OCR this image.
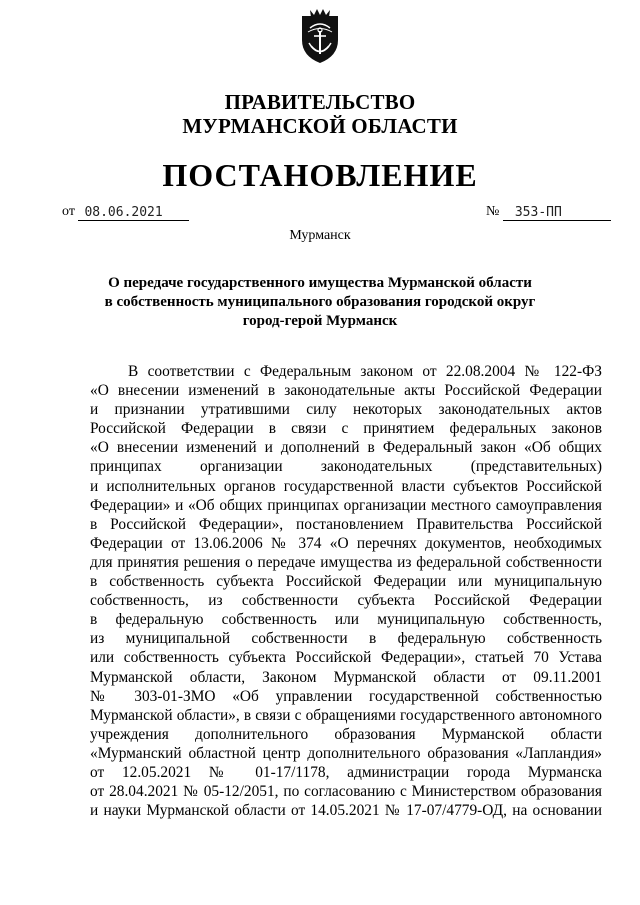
ПРАВИТЕЛЬСТВО
МУРМАНСКОЙ ОБЛАСТИ
ПОСТАНОВЛЕНИЕ
от 08.06.2021	№ 353-ПП
Мурманск
О передаче государственного имущества Мурманской области
в собственность муниципального образования городской округ
город-герой Мурманск
В соответствии с Федеральным законом от 22.08.2004 № 122-ФЗ
«О внесении изменений в законодательные акты Российской Федерации
и признании утратившими силу некоторых законодательных актов
Российской Федерации в связи с принятием федеральных законов
«О внесении изменений и дополнений в Федеральный закон «Об общих
принципах организации законодательных (представительных)
и исполнительных органов государственной власти субъектов Российской
Федерации» и «Об общих принципах организации местного самоуправления
в Российской Федерации», постановлением Правительства Российской
Федерации от 13.06.2006 № 374 «О перечнях документов, необходимых
для принятия решения о передаче имущества из федеральной собственности
в собственность субъекта Российской Федерации или муниципальную
собственность, из собственности субъекта Российской Федерации
в федеральную собственность или муниципальную собственность,
из муниципальной собственности в федеральную собственность
или собственность субъекта Российской Федерации», статьей 70 Устава
Мурманской области, Законом Мурманской области от 09.11.2001
№ 303-01-ЗМО «Об управлении государственной собственностью
Мурманской области», в связи с обращениями государственного автономного
учреждения дополнительного образования Мурманской области
«Мурманский областной центр дополнительного образования «Лапландия»
от 12.05.2021 № 01-17/1178, администрации города Мурманска
от 28.04.2021 № 05-12/2051, по согласованию с Министерством образования
и науки Мурманской области от 14.05.2021 № 17-07/4779-ОД, на основании
